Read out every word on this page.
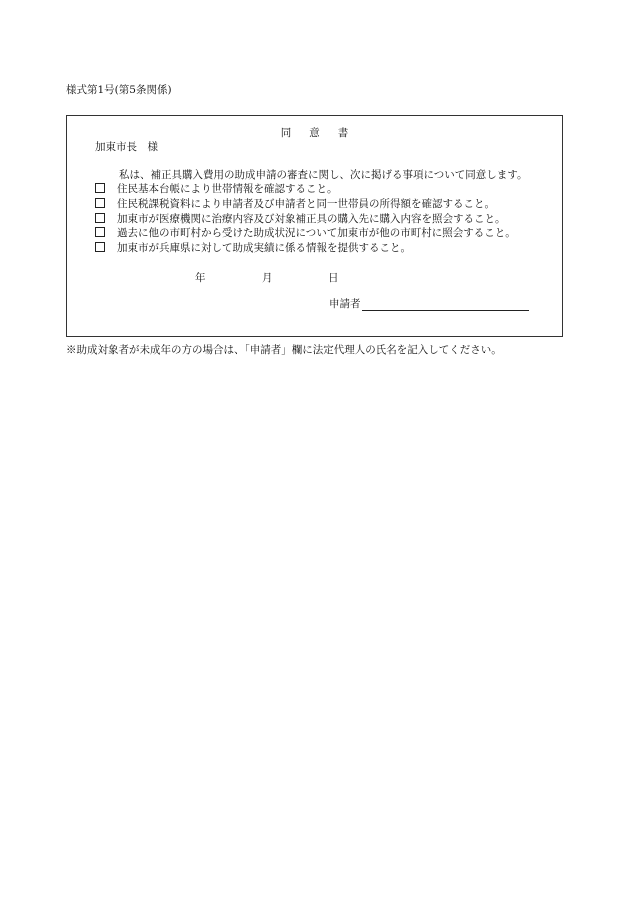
様式第1号(第5条関係)
同 意 書
加東市長　様
私は、補正具購入費用の助成申請の審査に関し、次に掲げる事項について同意します。
住民基本台帳により世帯情報を確認すること。
住民税課税資料により申請者及び申請者と同一世帯員の所得額を確認すること。
加東市が医療機関に治療内容及び対象補正具の購入先に購入内容を照会すること。
過去に他の市町村から受けた助成状況について加東市が他の市町村に照会すること。
加東市が兵庫県に対して助成実績に係る情報を提供すること。
年	月	日
申請者
※助成対象者が未成年の方の場合は、「申請者」欄に法定代理人の氏名を記入してください。
